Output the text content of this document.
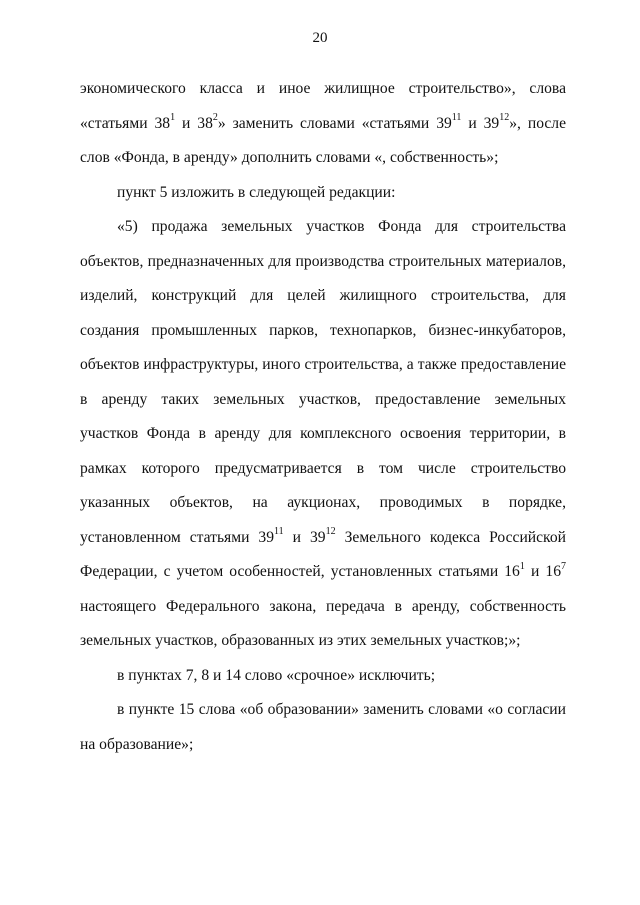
20

экономического класса и иное жилищное строительство», слова «статьями $38^1$ и $38^2$» заменить словами «статьями $39^{11}$ и $39^{12}$», после слов «Фонда, в аренду» дополнить словами «, собственность»;

пункт 5 изложить в следующей редакции:

«5) продажа земельных участков Фонда для строительства объектов, предназначенных для производства строительных материалов, изделий, конструкций для целей жилищного строительства, для создания промышленных парков, технопарков, бизнес-инкубаторов, объектов инфраструктуры, иного строительства, а также предоставление в аренду таких земельных участков, предоставление земельных участков Фонда в аренду для комплексного освоения территории, в рамках которого предусматривается в том числе строительство указанных объектов, на аукционах, проводимых в порядке, установленном статьями $39^{11}$ и $39^{12}$ Земельного кодекса Российской Федерации, с учетом особенностей, установленных статьями $16^1$ и $16^7$ настоящего Федерального закона, передача в аренду, собственность земельных участков, образованных из этих земельных участков;»;

в пунктах 7, 8 и 14 слово «срочное» исключить;

в пункте 15 слова «об образовании» заменить словами «о согласии на образование»;
